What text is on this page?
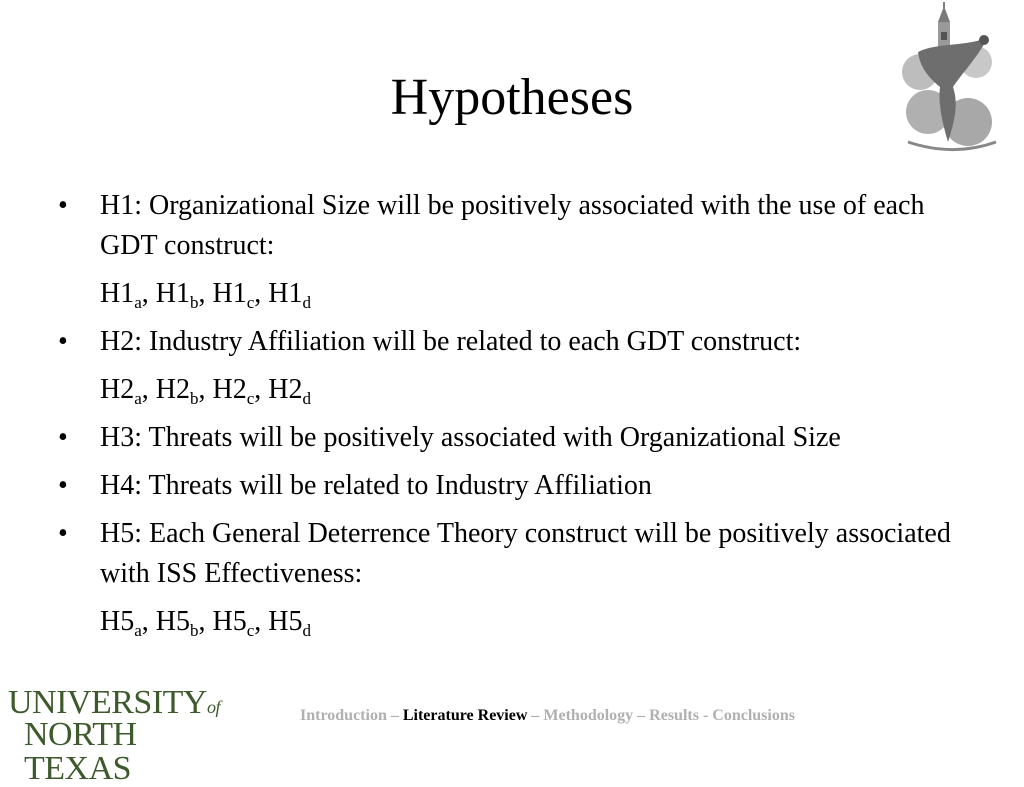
Hypotheses
• H1: Organizational Size will be positively associated with the use of each GDT construct:
$H1_a$, $H1_b$, $H1_c$, $H1_d$
• H2: Industry Affiliation will be related to each GDT construct:
$H2_a$, $H2_b$, $H2_c$, $H2_d$
• H3: Threats will be positively associated with Organizational Size
• H4: Threats will be related to Industry Affiliation
• H5: Each General Deterrence Theory construct will be positively associated with ISS Effectiveness:
$H5_a$, $H5_b$, $H5_c$, $H5_d$
UNIVERSITYof
NORTH TEXAS
Introduction – Literature Review – Methodology – Results - Conclusions
